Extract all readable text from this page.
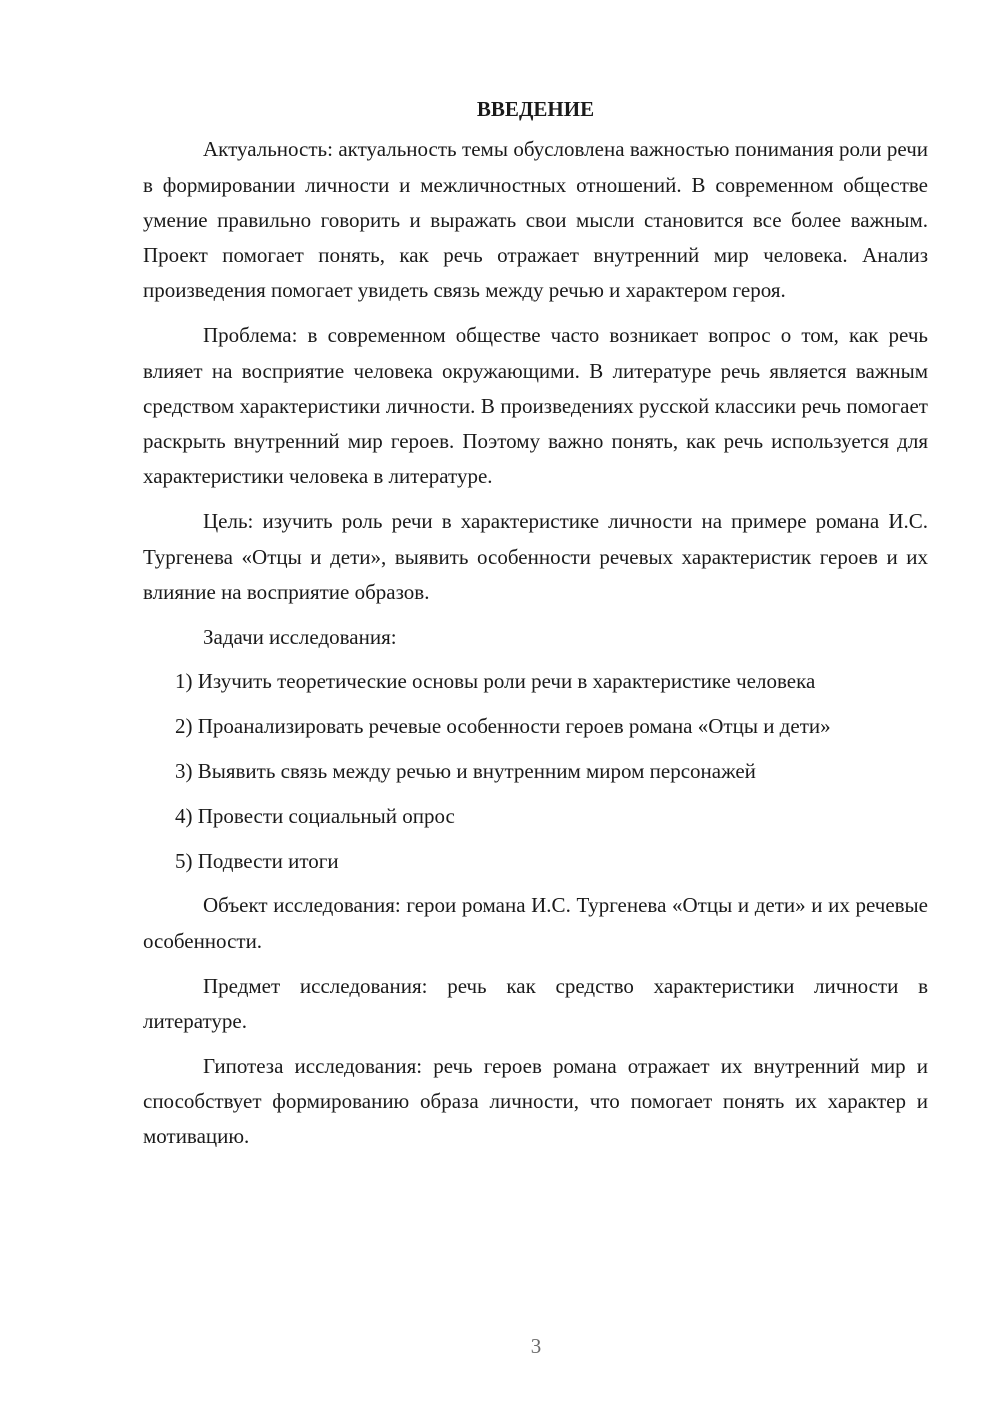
ВВЕДЕНИЕ

Актуальность: актуальность темы обусловлена важностью понимания роли речи в формировании личности и межличностных отношений. В современном обществе умение правильно говорить и выражать свои мысли становится все более важным. Проект помогает понять, как речь отражает внутренний мир человека. Анализ произведения помогает увидеть связь между речью и характером героя.

Проблема: в современном обществе часто возникает вопрос о том, как речь влияет на восприятие человека окружающими. В литературе речь является важным средством характеристики личности. В произведениях русской классики речь помогает раскрыть внутренний мир героев. Поэтому важно понять, как речь используется для характеристики человека в литературе.

Цель: изучить роль речи в характеристике личности на примере романа И.С. Тургенева «Отцы и дети», выявить особенности речевых характеристик героев и их влияние на восприятие образов.

Задачи исследования:

1) Изучить теоретические основы роли речи в характеристике человека

2) Проанализировать речевые особенности героев романа «Отцы и дети»

3) Выявить связь между речью и внутренним миром персонажей

4) Провести социальный опрос

5) Подвести итоги

Объект исследования: герои романа И.С. Тургенева «Отцы и дети» и их речевые особенности.

Предмет исследования: речь как средство характеристики личности в литературе.

Гипотеза исследования: речь героев романа отражает их внутренний мир и способствует формированию образа личности, что помогает понять их характер и мотивацию.

3
